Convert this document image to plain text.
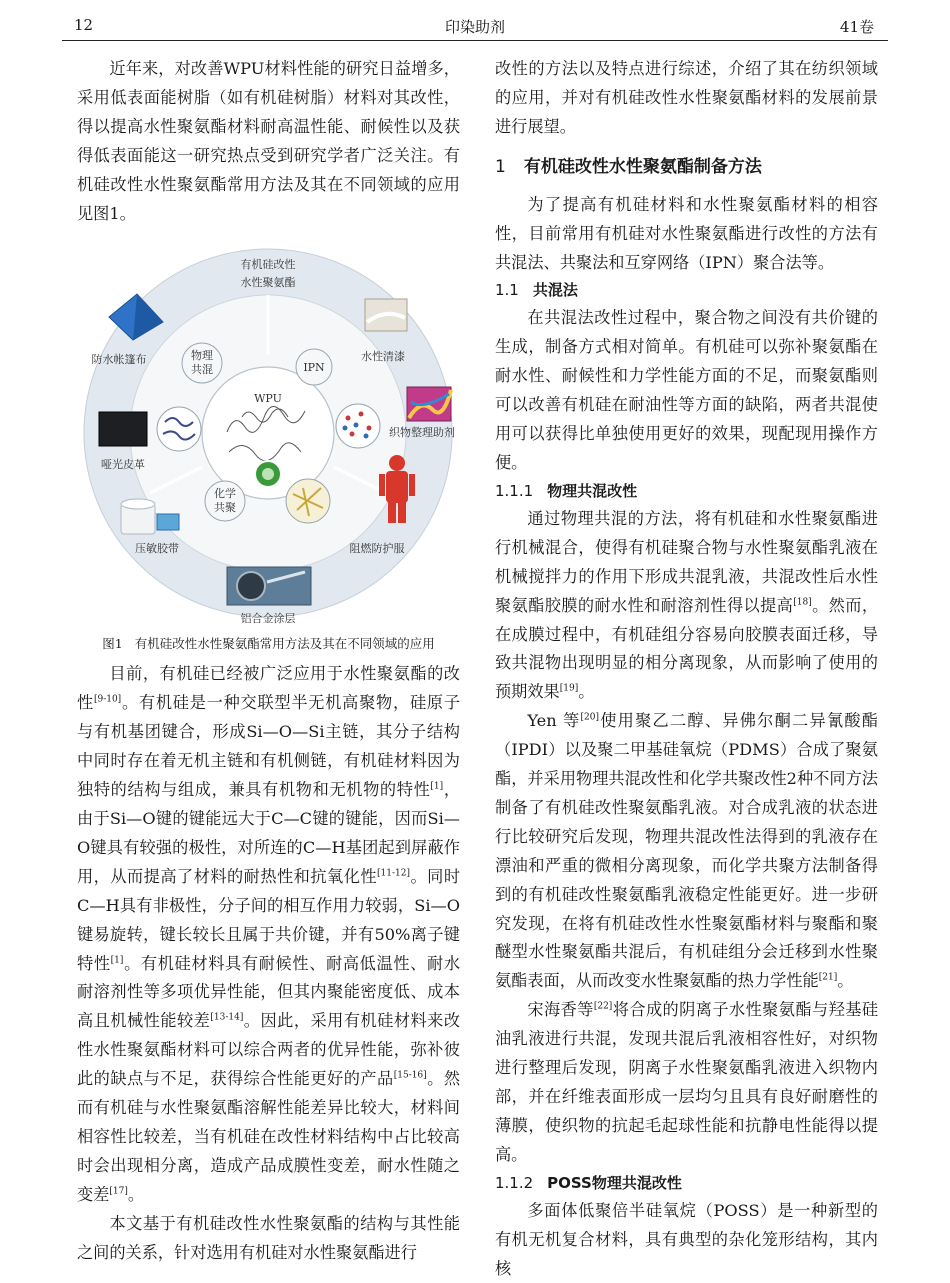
12	印染助剂	41卷

近年来，对改善WPU材料性能的研究日益增多，采用低表面能树脂（如有机硅树脂）材料对其改性，得以提高水性聚氨酯材料耐高温性能、耐候性以及获得低表面能这一研究热点受到研究学者广泛关注。有机硅改性水性聚氨酯常用方法及其在不同领域的应用见图1。

WPU
物理
共混	IPN
化学
共聚
有机硅改性
水性聚氨酯
防水帐篷布	水性清漆
织物整理助剂
哑光皮革
压敏胶带	阻燃防护服
铝合金涂层
图1 有机硅改性水性聚氨酯常用方法及其在不同领域的应用

目前，有机硅已经被广泛应用于水性聚氨酯的改性[9-10]。有机硅是一种交联型半无机高聚物，硅原子与有机基团键合，形成Si—O—Si主链，其分子结构中同时存在着无机主链和有机侧链，有机硅材料因为独特的结构与组成，兼具有机物和无机物的特性[1]，由于Si—O键的键能远大于C—C键的键能，因而Si—O键具有较强的极性，对所连的C—H基团起到屏蔽作用，从而提高了材料的耐热性和抗氧化性[11-12]。同时C—H具有非极性，分子间的相互作用力较弱，Si—O键易旋转，键长较长且属于共价键，并有50%离子键特性[1]。有机硅材料具有耐候性、耐高低温性、耐水耐溶剂性等多项优异性能，但其内聚能密度低、成本高且机械性能较差[13-14]。因此，采用有机硅材料来改性水性聚氨酯材料可以综合两者的优异性能，弥补彼此的缺点与不足，获得综合性能更好的产品[15-16]。然而有机硅与水性聚氨酯溶解性能差异比较大，材料间相容性比较差，当有机硅在改性材料结构中占比较高时会出现相分离，造成产品成膜性变差，耐水性随之变差[17]。

本文基于有机硅改性水性聚氨酯的结构与其性能之间的关系，针对选用有机硅对水性聚氨酯进行

改性的方法以及特点进行综述，介绍了其在纺织领域的应用，并对有机硅改性水性聚氨酯材料的发展前景进行展望。

1 有机硅改性水性聚氨酯制备方法

为了提高有机硅材料和水性聚氨酯材料的相容性，目前常用有机硅对水性聚氨酯进行改性的方法有共混法、共聚法和互穿网络（IPN）聚合法等。

1.1 共混法

在共混法改性过程中，聚合物之间没有共价键的生成，制备方式相对简单。有机硅可以弥补聚氨酯在耐水性、耐候性和力学性能方面的不足，而聚氨酯则可以改善有机硅在耐油性等方面的缺陷，两者共混使用可以获得比单独使用更好的效果，现配现用操作方便。

1.1.1 物理共混改性

通过物理共混的方法，将有机硅和水性聚氨酯进行机械混合，使得有机硅聚合物与水性聚氨酯乳液在机械搅拌力的作用下形成共混乳液，共混改性后水性聚氨酯胶膜的耐水性和耐溶剂性得以提高[18]。然而，在成膜过程中，有机硅组分容易向胶膜表面迁移，导致共混物出现明显的相分离现象，从而影响了使用的预期效果[19]。

Yen 等[20]使用聚乙二醇、异佛尔酮二异氰酸酯（IPDI）以及聚二甲基硅氧烷（PDMS）合成了聚氨酯，并采用物理共混改性和化学共聚改性2种不同方法制备了有机硅改性聚氨酯乳液。对合成乳液的状态进行比较研究后发现，物理共混改性法得到的乳液存在漂油和严重的微相分离现象，而化学共聚方法制备得到的有机硅改性聚氨酯乳液稳定性能更好。进一步研究发现，在将有机硅改性水性聚氨酯材料与聚酯和聚醚型水性聚氨酯共混后，有机硅组分会迁移到水性聚氨酯表面，从而改变水性聚氨酯的热力学性能[21]。

宋海香等[22]将合成的阴离子水性聚氨酯与羟基硅油乳液进行共混，发现共混后乳液相容性好，对织物进行整理后发现，阴离子水性聚氨酯乳液进入织物内部，并在纤维表面形成一层均匀且具有良好耐磨性的薄膜，使织物的抗起毛起球性能和抗静电性能得以提高。

1.1.2 POSS物理共混改性

多面体低聚倍半硅氧烷（POSS）是一种新型的有机无机复合材料，具有典型的杂化笼形结构，其内核
